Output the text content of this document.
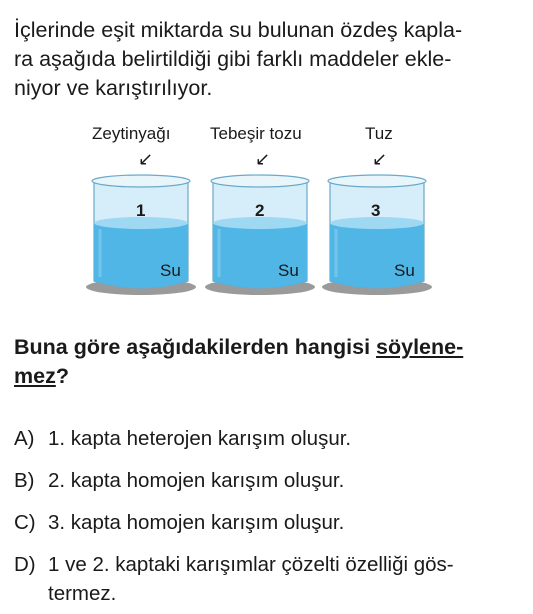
İçlerinde eşit miktarda su bulunan özdeş kapla-
ra aşağıda belirtildiği gibi farklı maddeler ekle-
niyor ve karıştırılıyor.
Zeytinyağı Tebeşir tozu	Tuz
↙	↙	↙
1
Su
2
Su
3
Su
Buna göre aşağıdakilerden hangisi söylene-
mez?
A) 1. kapta heterojen karışım oluşur.
B) 2. kapta homojen karışım oluşur.
C) 3. kapta homojen karışım oluşur.
D) 1 ve 2. kaptaki karışımlar çözelti özelliği gös-
termez.
